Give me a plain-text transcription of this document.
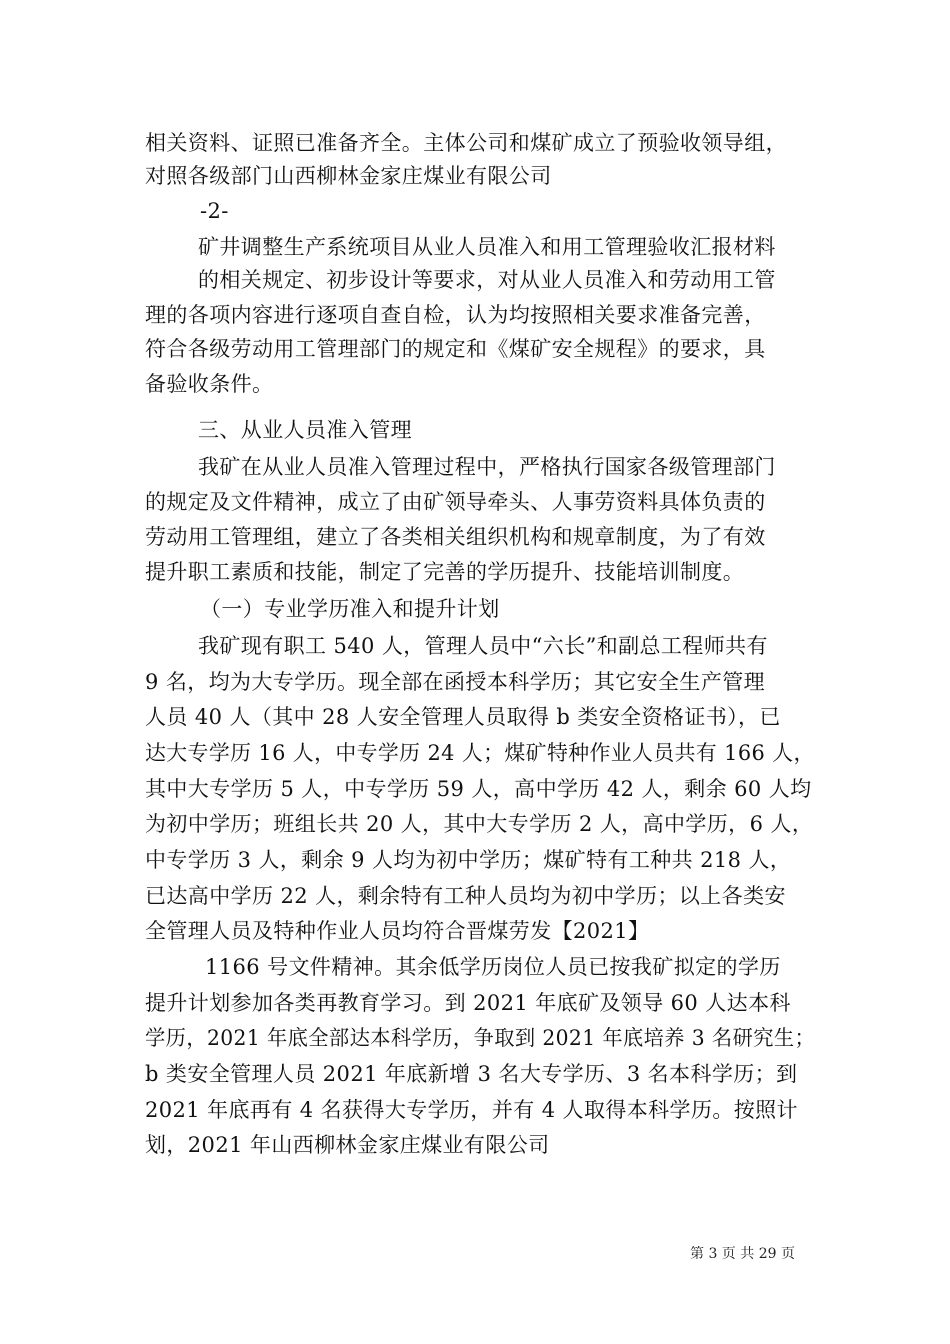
相关资料、证照已准备齐全。主体公司和煤矿成立了预验收领导组，
对照各级部门山西柳林金家庄煤业有限公司
-2-
矿井调整生产系统项目从业人员准入和用工管理验收汇报材料
的相关规定、初步设计等要求，对从业人员准入和劳动用工管
理的各项内容进行逐项自查自检，认为均按照相关要求准备完善，
符合各级劳动用工管理部门的规定和《煤矿安全规程》的要求，具
备验收条件。
三、从业人员准入管理
我矿在从业人员准入管理过程中，严格执行国家各级管理部门
的规定及文件精神，成立了由矿领导牵头、人事劳资料具体负责的
劳动用工管理组，建立了各类相关组织机构和规章制度，为了有效
提升职工素质和技能，制定了完善的学历提升、技能培训制度。
（一）专业学历准入和提升计划
我矿现有职工 540 人，管理人员中“六长”和副总工程师共有
9 名，均为大专学历。现全部在函授本科学历；其它安全生产管理
人员 40 人（其中 28 人安全管理人员取得 b 类安全资格证书），已
达大专学历 16 人，中专学历 24 人；煤矿特种作业人员共有 166 人，
其中大专学历 5 人，中专学历 59 人，高中学历 42 人，剩余 60 人均
为初中学历；班组长共 20 人，其中大专学历 2 人，高中学历，6 人，
中专学历 3 人，剩余 9 人均为初中学历；煤矿特有工种共 218 人，
已达高中学历 22 人，剩余特有工种人员均为初中学历；以上各类安
全管理人员及特种作业人员均符合晋煤劳发【2021】
1166 号文件精神。其余低学历岗位人员已按我矿拟定的学历
提升计划参加各类再教育学习。到 2021 年底矿及领导 60 人达本科
学历，2021 年底全部达本科学历，争取到 2021 年底培养 3 名研究生；
b 类安全管理人员 2021 年底新增 3 名大专学历、3 名本科学历；到
2021 年底再有 4 名获得大专学历，并有 4 人取得本科学历。按照计
划，2021 年山西柳林金家庄煤业有限公司
第 3 页 共 29 页
